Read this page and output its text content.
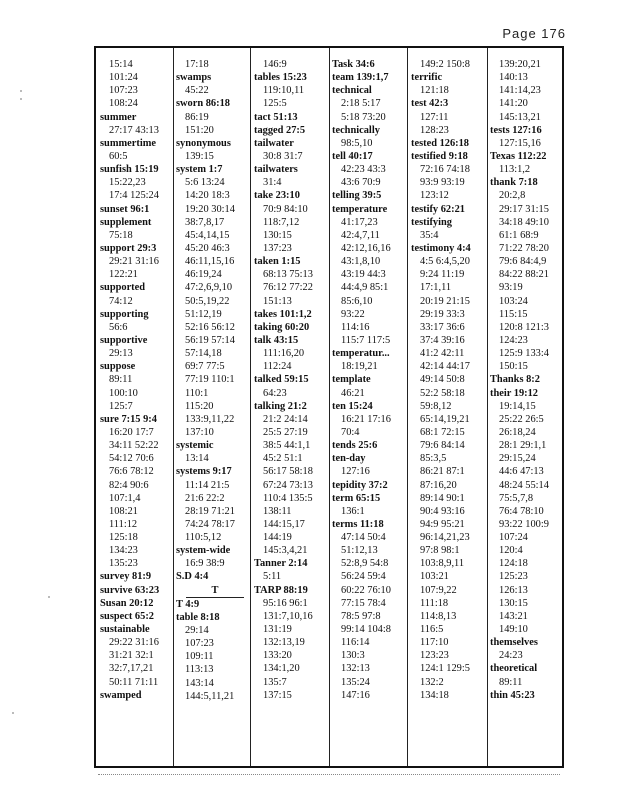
Page 176
15:14
101:24
107:23
108:24
summer
27:17 43:13
summertime
60:5
sunfish 15:19
15:22,23
17:4 125:24
sunset 96:1
supplement
75:18
support 29:3
29:21 31:16
122:21
supported
74:12
supporting
56:6
supportive
29:13
suppose
89:11
100:10
125:7
sure 7:15 9:4
16:20 17:7
34:11 52:22
54:12 70:6
76:6 78:12
82:4 90:6
107:1,4
108:21
111:12
125:18
134:23
135:23
survey 81:9
survive 63:23
Susan 20:12
suspect 65:2
sustainable
29:22 31:16
31:21 32:1
32:7,17,21
50:11 71:11
swamped
17:18
swamps
45:22
sworn 86:18
86:19
151:20
synonymous
139:15
system 1:7
5:6 13:24
14:20 18:3
19:20 30:14
38:7,8,17
45:4,14,15
45:20 46:3
46:11,15,16
46:19,24
47:2,6,9,10
50:5,19,22
51:12,19
52:16 56:12
56:19 57:14
57:14,18
69:7 77:5
77:19 110:1
110:1
115:20
133:9,11,22
137:10
systemic
13:14
systems 9:17
11:14 21:5
21:6 22:2
28:19 71:21
74:24 78:17
110:5,12
system-wide
16:9 38:9
S.D 4:4
T
T 4:9
table 8:18
29:14
107:23
109:11
113:13
143:14
144:5,11,21
146:9
tables 15:23
119:10,11
125:5
tact 51:13
tagged 27:5
tailwater
30:8 31:7
tailwaters
31:4
take 23:10
70:9 84:10
118:7,12
130:15
137:23
taken 1:15
68:13 75:13
76:12 77:22
151:13
takes 101:1,2
taking 60:20
talk 43:15
111:16,20
112:24
talked 59:15
64:23
talking 21:2
21:2 24:14
25:5 27:19
38:5 44:1,1
45:2 51:1
56:17 58:18
67:24 73:13
110:4 135:5
138:11
144:15,17
144:19
145:3,4,21
Tanner 2:14
5:11
TARP 88:19
95:16 96:1
131:7,10,16
131:19
132:13,19
133:20
134:1,20
135:7
137:15
Task 34:6
team 139:1,7
technical
2:18 5:17
5:18 73:20
technically
98:5,10
tell 40:17
42:23 43:3
43:6 70:9
telling 39:5
temperature
41:17,23
42:4,7,11
42:12,16,16
43:1,8,10
43:19 44:3
44:4,9 85:1
85:6,10
93:22
114:16
115:7 117:5
temperatur...
18:19,21
template
46:21
ten 15:24
16:21 17:16
70:4
tends 25:6
ten-day
127:16
tepidity 37:2
term 65:15
136:1
terms 11:18
47:14 50:4
51:12,13
52:8,9 54:8
56:24 59:4
60:22 76:10
77:15 78:4
78:5 97:8
99:14 104:8
116:14
130:3
132:13
135:24
147:16
149:2 150:8
terrific
121:18
test 42:3
127:11
128:23
tested 126:18
testified 9:18
72:16 74:18
93:9 93:19
123:12
testify 62:21
testifying
35:4
testimony 4:4
4:5 6:4,5,20
9:24 11:19
17:1,11
20:19 21:15
29:19 33:3
33:17 36:6
37:4 39:16
41:2 42:11
42:14 44:17
49:14 50:8
52:2 58:18
59:8,12
65:14,19,21
68:1 72:15
79:6 84:14
85:3,5
86:21 87:1
87:16,20
89:14 90:1
90:4 93:16
94:9 95:21
96:14,21,23
97:8 98:1
103:8,9,11
103:21
107:9,22
111:18
114:8,13
116:5
117:10
123:23
124:1 129:5
132:2
134:18
139:20,21
140:13
141:14,23
141:20
145:13,21
tests 127:16
127:15,16
Texas 112:22
113:1,2
thank 7:18
20:2,8
29:17 31:15
34:18 49:10
61:1 68:9
71:22 78:20
79:6 84:4,9
84:22 88:21
93:19
103:24
115:15
120:8 121:3
124:23
125:9 133:4
150:15
Thanks 8:2
their 19:12
19:14,15
25:22 26:5
26:18,24
28:1 29:1,1
29:15,24
44:6 47:13
48:24 55:14
75:5,7,8
76:4 78:10
93:22 100:9
107:24
120:4
124:18
125:23
126:13
130:15
143:21
149:10
themselves
24:23
theoretical
89:11
thin 45:23
